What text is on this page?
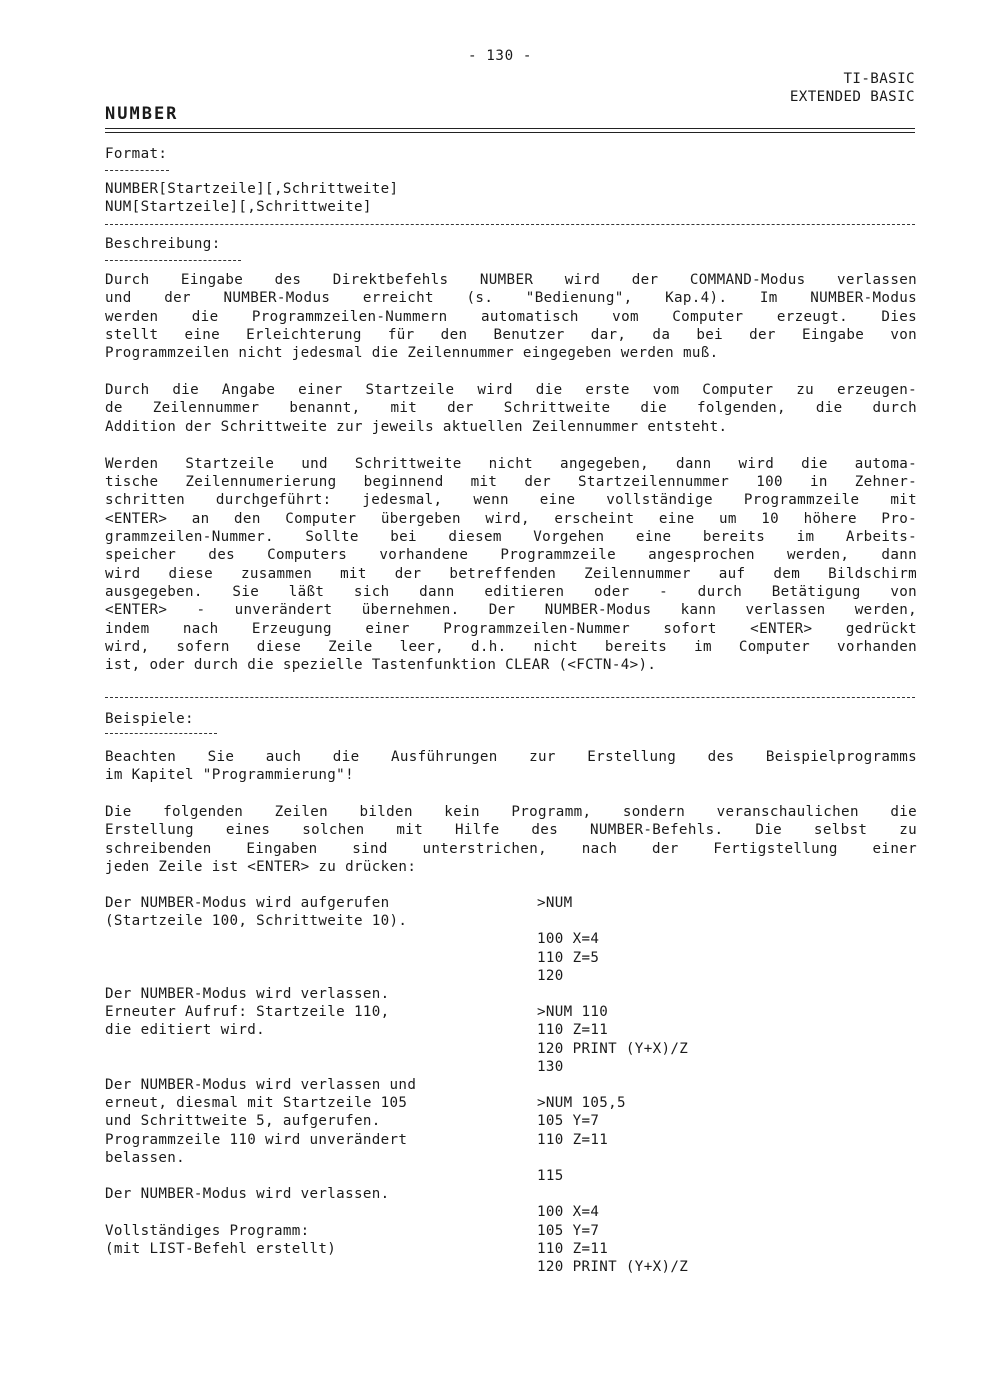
- 130 -
TI-BASIC
EXTENDED BASIC
NUMBER
Format:
NUMBER[Startzeile][,Schrittweite]
NUM[Startzeile][,Schrittweite]
Beschreibung:
Durch Eingabe des Direktbefehls NUMBER wird der COMMAND-Modus verlassen
und der NUMBER-Modus erreicht (s. "Bedienung", Kap.4). Im NUMBER-Modus
werden die Programmzeilen-Nummern automatisch vom Computer erzeugt. Dies
stellt eine Erleichterung für den Benutzer dar, da bei der Eingabe von
Programmzeilen nicht jedesmal die Zeilennummer eingegeben werden muß.
Durch die Angabe einer Startzeile wird die erste vom Computer zu erzeugen-
de Zeilennummer benannt, mit der Schrittweite die folgenden, die durch
Addition der Schrittweite zur jeweils aktuellen Zeilennummer entsteht.
Werden Startzeile und Schrittweite nicht angegeben, dann wird die automa-
tische Zeilennumerierung beginnend mit der Startzeilennummer 100 in Zehner-
schritten durchgeführt: jedesmal, wenn eine vollständige Programmzeile mit
<ENTER> an den Computer übergeben wird, erscheint eine um 10 höhere Pro-
grammzeilen-Nummer. Sollte bei diesem Vorgehen eine bereits im Arbeits-
speicher des Computers vorhandene Programmzeile angesprochen werden, dann
wird diese zusammen mit der betreffenden Zeilennummer auf dem Bildschirm
ausgegeben. Sie läßt sich dann editieren oder - durch Betätigung von
<ENTER> - unverändert übernehmen. Der NUMBER-Modus kann verlassen werden,
indem nach Erzeugung einer Programmzeilen-Nummer sofort <ENTER> gedrückt
wird, sofern diese Zeile leer, d.h. nicht bereits im Computer vorhanden
ist, oder durch die spezielle Tastenfunktion CLEAR (<FCTN-4>).
Beispiele:
Beachten Sie auch die Ausführungen zur Erstellung des Beispielprogramms
im Kapitel "Programmierung"!
Die folgenden Zeilen bilden kein Programm, sondern veranschaulichen die
Erstellung eines solchen mit Hilfe des NUMBER-Befehls. Die selbst zu
schreibenden Eingaben sind unterstrichen, nach der Fertigstellung einer
jeden Zeile ist <ENTER> zu drücken:
Der NUMBER-Modus wird aufgerufen
(Startzeile 100, Schrittweite 10).
Der NUMBER-Modus wird verlassen.
Erneuter Aufruf: Startzeile 110,
die editiert wird.
Der NUMBER-Modus wird verlassen und
erneut, diesmal mit Startzeile 105
und Schrittweite 5, aufgerufen.
Programmzeile 110 wird unverändert
belassen.
Der NUMBER-Modus wird verlassen.
Vollständiges Programm:
(mit LIST-Befehl erstellt)
>NUM
100 X=4
110 Z=5
120
>NUM 110
110 Z=11
120 PRINT (Y+X)/Z
130
>NUM 105,5
105 Y=7
110 Z=11
115
100 X=4
105 Y=7
110 Z=11
120 PRINT (Y+X)/Z
